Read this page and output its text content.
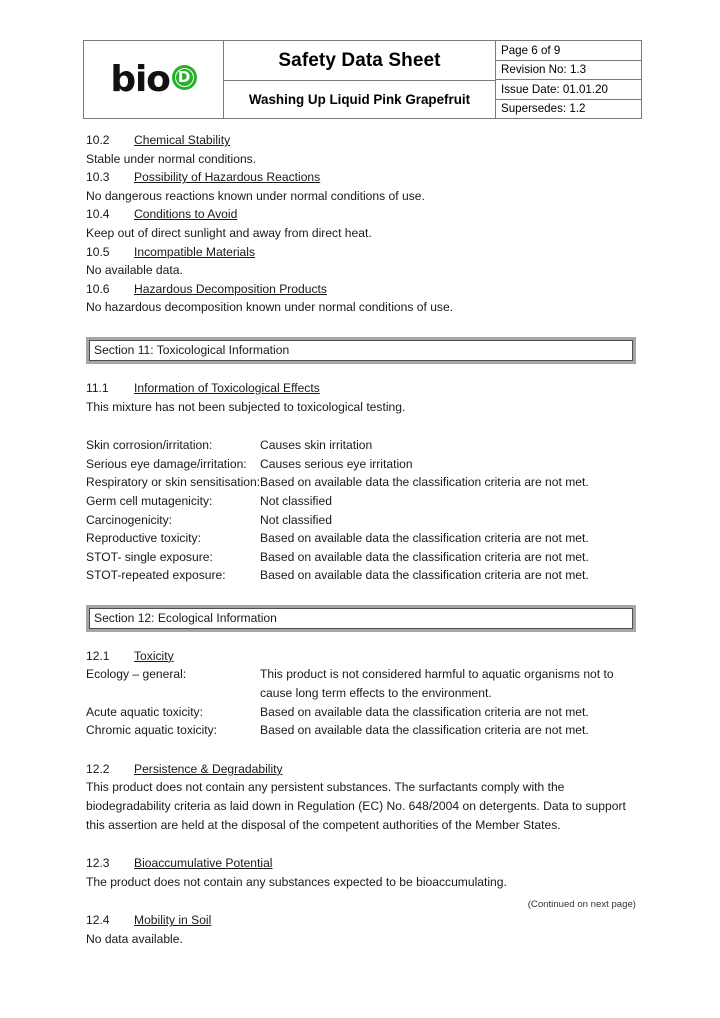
bio D

Safety Data Sheet
Washing Up Liquid Pink Grapefruit

Page 6 of 9
Revision No: 1.3
Issue Date: 01.01.20
Supersedes: 1.2
10.2	Chemical Stability
Stable under normal conditions.
10.3	Possibility of Hazardous Reactions
No dangerous reactions known under normal conditions of use.
10.4	Conditions to Avoid
Keep out of direct sunlight and away from direct heat.
10.5	Incompatible Materials
No available data.
10.6	Hazardous Decomposition Products
No hazardous decomposition known under normal conditions of use.
Section 11: Toxicological Information
11.1	Information of Toxicological Effects
This mixture has not been subjected to toxicological testing.
Skin corrosion/irritation:	Causes skin irritation
Serious eye damage/irritation:	Causes serious eye irritation
Respiratory or skin sensitisation: Based on available data the classification criteria are not met.
Germ cell mutagenicity:	Not classified
Carcinogenicity:	Not classified
Reproductive toxicity:	Based on available data the classification criteria are not met.
STOT- single exposure:	Based on available data the classification criteria are not met.
STOT-repeated exposure:	Based on available data the classification criteria are not met.
Section 12: Ecological Information
12.1	Toxicity
Ecology – general:	This product is not considered harmful to aquatic organisms not to cause long term effects to the environment.
Acute aquatic toxicity:	Based on available data the classification criteria are not met.
Chromic aquatic toxicity:	Based on available data the classification criteria are not met.
12.2	Persistence & Degradability
This product does not contain any persistent substances. The surfactants comply with the biodegradability criteria as laid down in Regulation (EC) No. 648/2004 on detergents. Data to support this assertion are held at the disposal of the competent authorities of the Member States.
12.3	Bioaccumulative Potential
The product does not contain any substances expected to be bioaccumulating.
12.4	Mobility in Soil
No data available.
(Continued on next page)
